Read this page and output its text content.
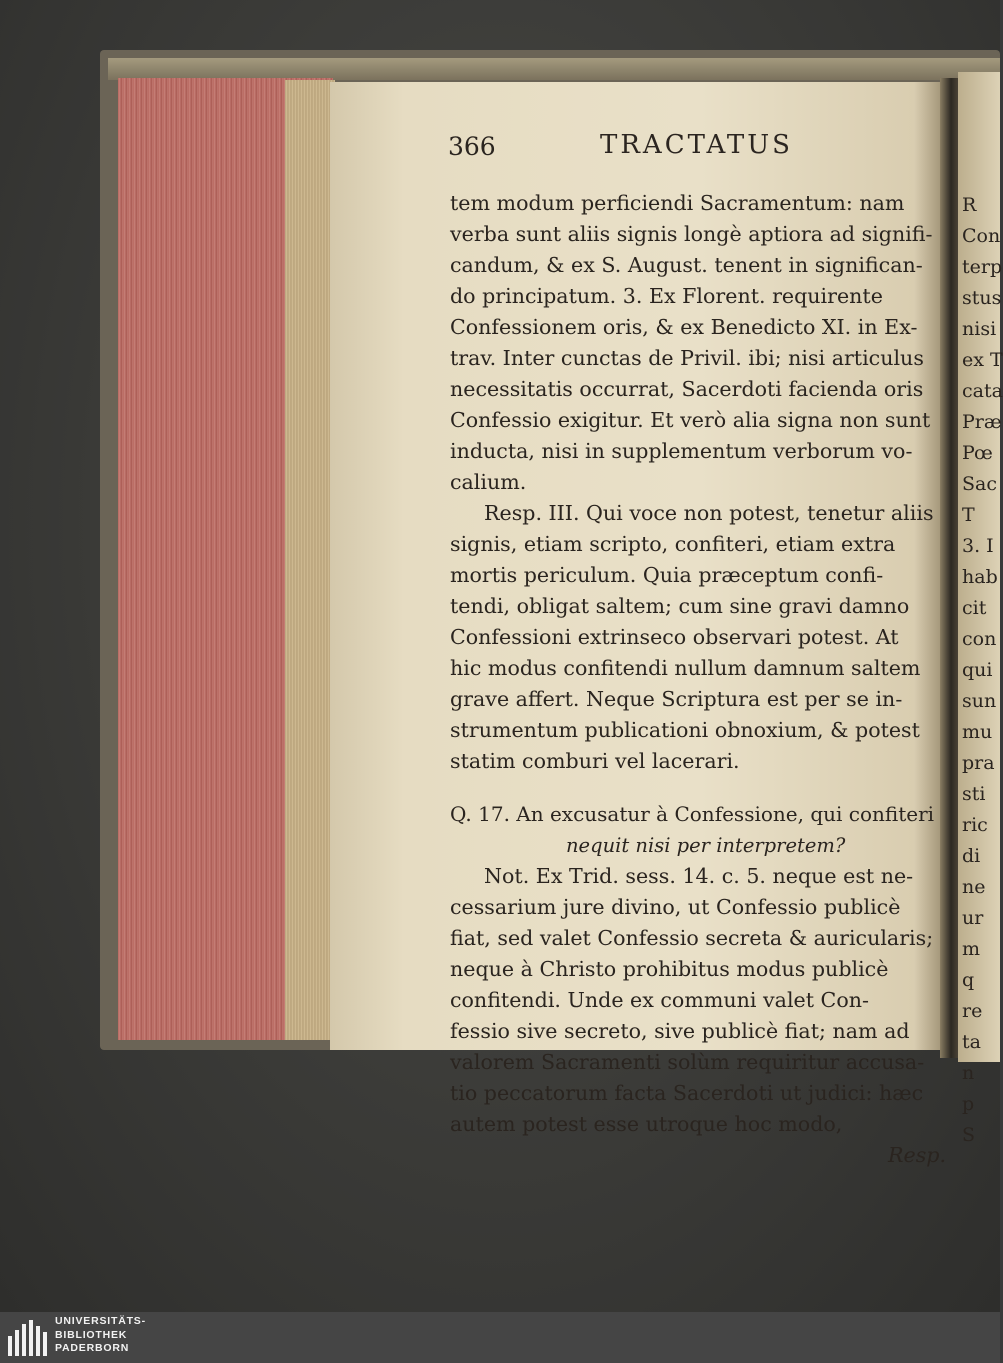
R
Con
terp
stus
nisi
ex T
cata
Præ
Pœ
Sac
T
3. I
hab
cit
con
qui
sun
mu
pra
sti
ric
di
ne
ur
m
q
re
ta
n
p
S
366	TRACTATUS
tem modum perficiendi Sacramentum: nam
verba sunt aliis signis longè aptiora ad signifi-
candum, & ex S. August. tenent in significan-
do principatum. 3. Ex Florent. requirente
Confessionem oris, & ex Benedicto XI. in Ex-
trav. Inter cunctas de Privil. ibi; nisi articulus
necessitatis occurrat, Sacerdoti facienda oris
Confessio exigitur. Et verò alia signa non sunt
inducta, nisi in supplementum verborum vo-
calium.
Resp. III. Qui voce non potest, tenetur aliis
signis, etiam scripto, confiteri, etiam extra
mortis periculum. Quia præceptum confi-
tendi, obligat saltem; cum sine gravi damno
Confessioni extrinseco observari potest. At
hic modus confitendi nullum damnum saltem
grave affert. Neque Scriptura est per se in-
strumentum publicationi obnoxium, & potest
statim comburi vel lacerari.
Q. 17. An excusatur à Confessione, qui confiteri
nequit nisi per interpretem?
Not. Ex Trid. sess. 14. c. 5. neque est ne-
cessarium jure divino, ut Confessio publicè
fiat, sed valet Confessio secreta & auricularis;
neque à Christo prohibitus modus publicè
confitendi. Unde ex communi valet Con-
fessio sive secreto, sive publicè fiat; nam ad
valorem Sacramenti solùm requiritur accusa-
tio peccatorum facta Sacerdoti ut judici: hæc
autem potest esse utroque hoc modo,
Resp.
UNIVERSITÄTS-
BIBLIOTHEK
PADERBORN
